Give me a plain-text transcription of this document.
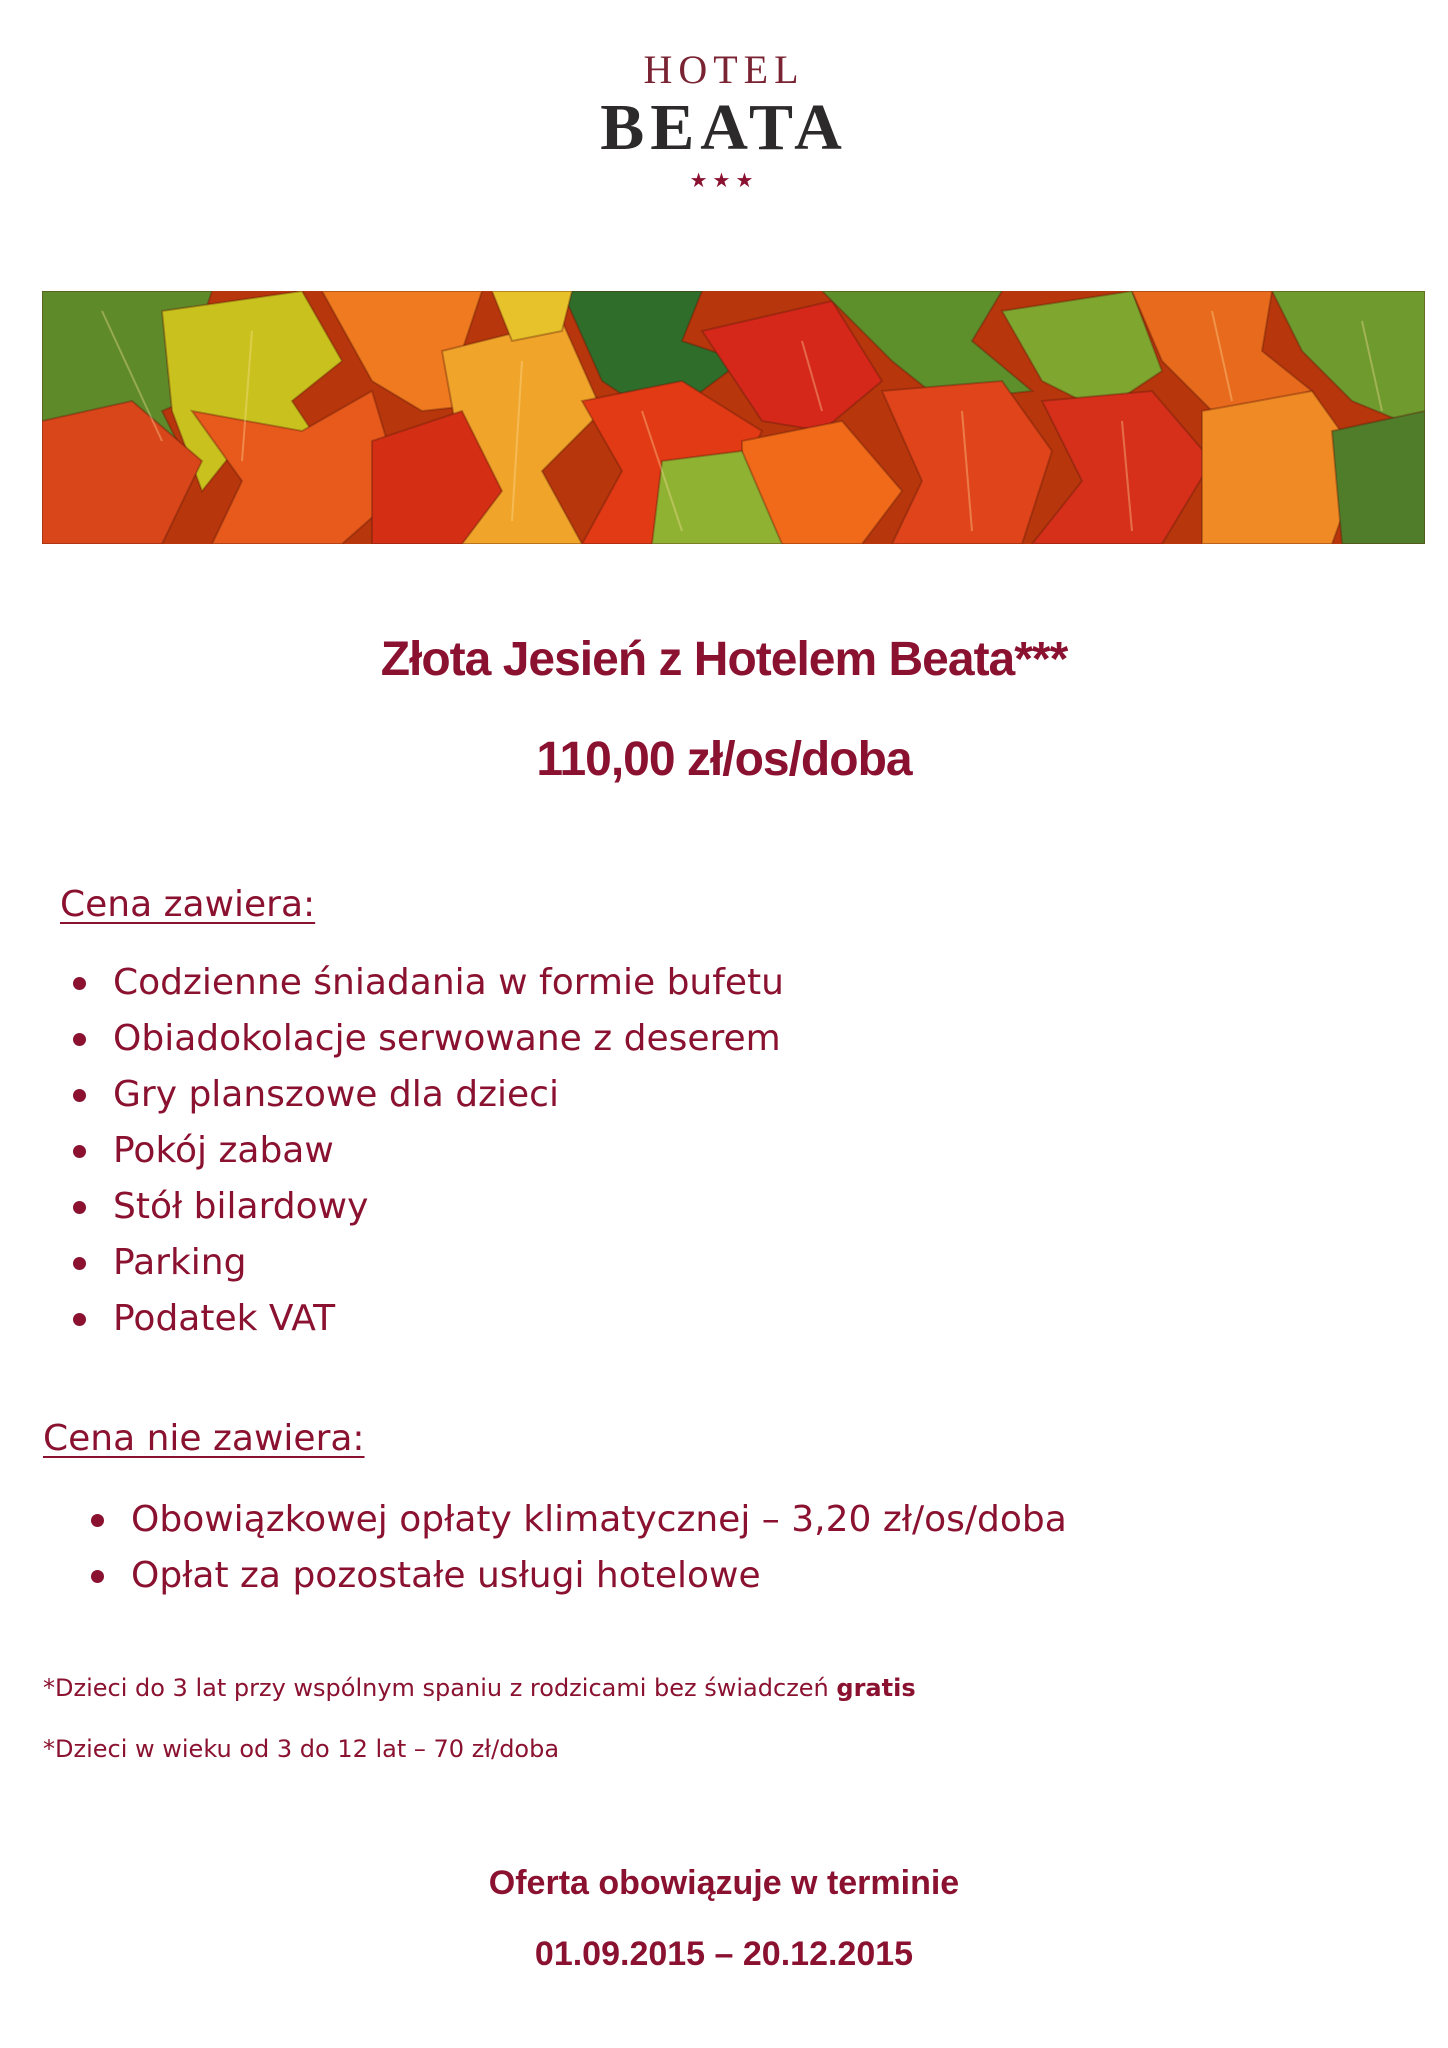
HOTEL
BEATA
★★★
Złota Jesień z Hotelem Beata***
110,00 zł/os/doba
Cena zawiera:
Codzienne śniadania w formie bufetu
Obiadokolacje serwowane z deserem
Gry planszowe dla dzieci
Pokój zabaw
Stół bilardowy
Parking
Podatek VAT
Cena nie zawiera:
Obowiązkowej opłaty klimatycznej – 3,20 zł/os/doba
Opłat za pozostałe usługi hotelowe
*Dzieci do 3 lat przy wspólnym spaniu z rodzicami bez świadczeń gratis
*Dzieci w wieku od 3 do 12 lat – 70 zł/doba
Oferta obowiązuje w terminie
01.09.2015 – 20.12.2015
